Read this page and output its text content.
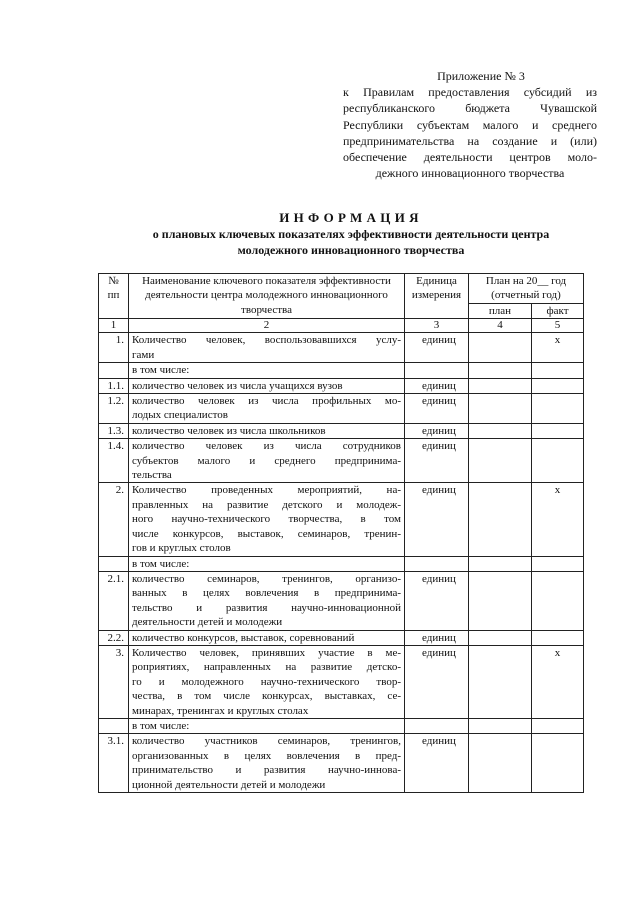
Приложение № 3
к Правилам предоставления субсидий из
республиканского бюджета Чувашской
Республики субъектам малого и среднего
предпринимательства на создание и (или)
обеспечение деятельности центров моло-
дежного инновационного творчества
ИНФОРМАЦИЯ
о плановых ключевых показателях эффективности деятельности центра
молодежного инновационного творчества
№ пп	Наименование ключевого показателя эффективности деятельности центра молодежного инновационного творчества	Единица измерения	План на 20__ год (отчетный год)	
			план	факт
1	2	3	4	5
1.	Количество человек, воспользовавшихся услу-
гами	единиц		х

	в том числе:			

1.1.	количество человек из числа учащихся вузов	единиц		
1.2.	количество человек из числа профильных мо-
лодых специалистов	единиц		
1.3.	количество человек из числа школьников	единиц		
1.4.	количество человек из числа сотрудников
субъектов малого и среднего предпринима-
тельства	единиц		
2.	Количество проведенных мероприятий, на-
правленных на развитие детского и молодеж-
ного научно-технического творчества, в том
числе конкурсов, выставок, семинаров, тренин-
гов и круглых столов	единиц		х

	в том числе:			

2.1.	количество семинаров, тренингов, организо-
ванных в целях вовлечения в предпринима-
тельство и развития научно-инновационной
деятельности детей и молодежи	единиц		
2.2.	количество конкурсов, выставок, соревнований	единиц		
3.	Количество человек, принявших участие в ме-
роприятиях, направленных на развитие детско-
го и молодежного научно-технического твор-
чества, в том числе конкурсах, выставках, се-
минарах, тренингах и круглых столах	единиц		х

	в том числе:			

3.1.	количество участников семинаров, тренингов,
организованных в целях вовлечения в пред-
принимательство и развития научно-иннова-
ционной деятельности детей и молодежи	единиц		
